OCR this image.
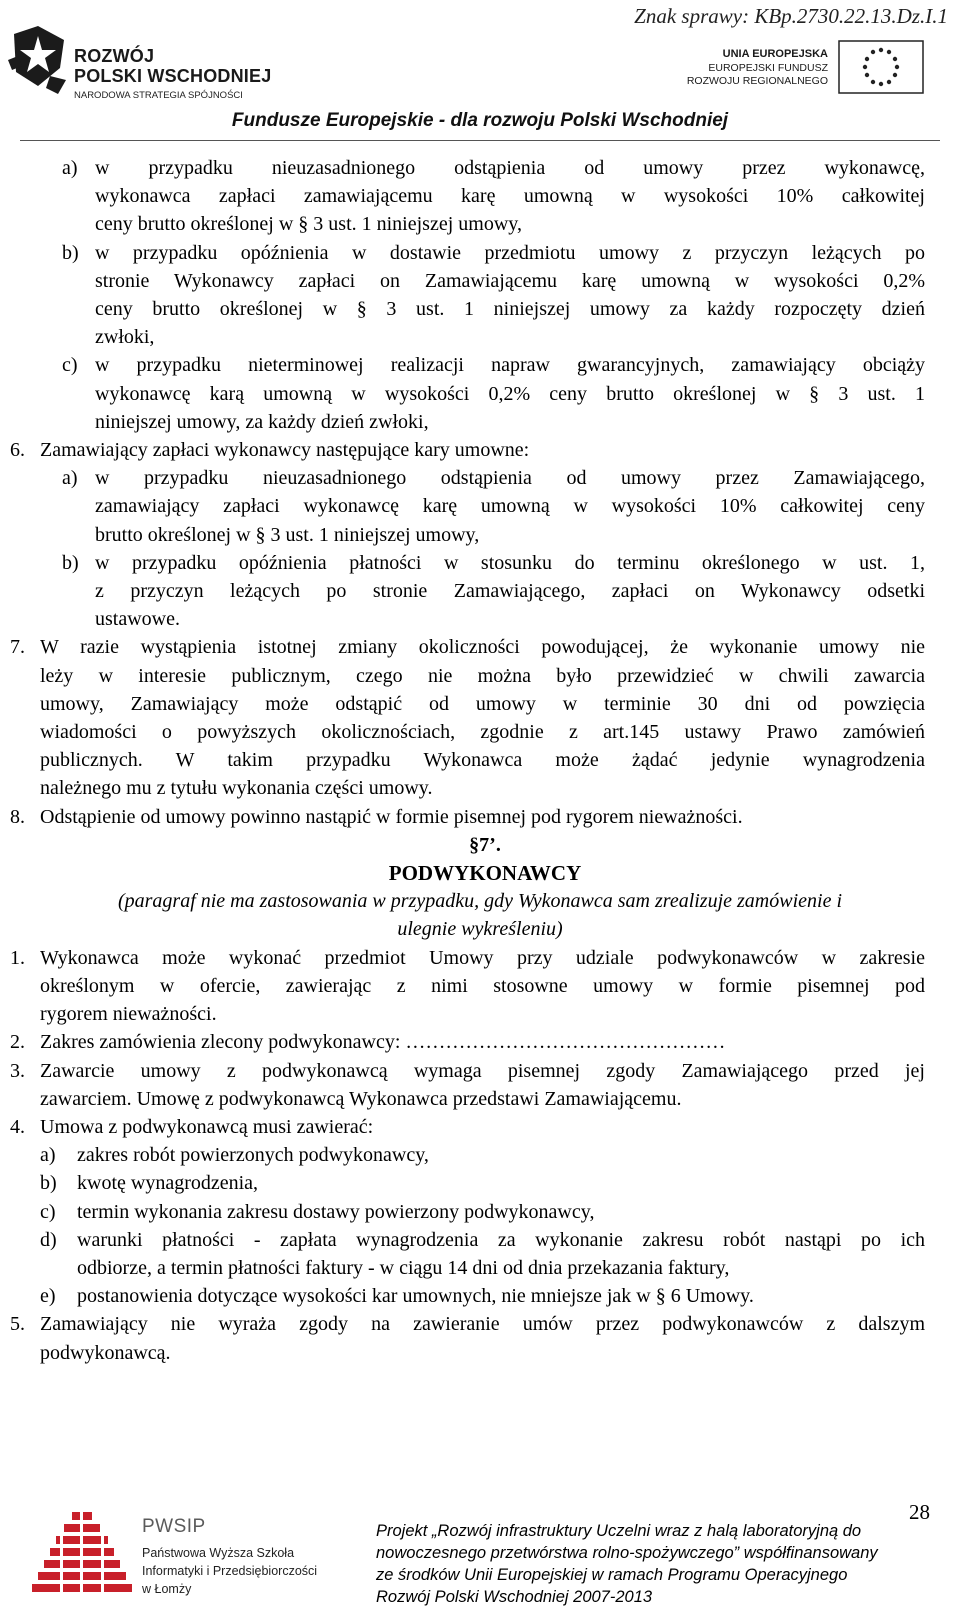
Znak sprawy: KBp.2730.22.13.Dz.I.1
ROZWÓJ
POLSKI WSCHODNIEJ
NARODOWA STRATEGIA SPÓJNOŚCI
UNIA EUROPEJSKA
EUROPEJSKI FUNDUSZ
ROZWOJU REGIONALNEGO
Fundusze Europejskie - dla rozwoju Polski Wschodniej
a) w przypadku nieuzasadnionego odstąpienia od umowy przez wykonawcę,
wykonawca zapłaci zamawiającemu karę umowną w wysokości 10% całkowitej
ceny brutto określonej w § 3 ust. 1 niniejszej umowy,
b) w przypadku opóźnienia w dostawie przedmiotu umowy z przyczyn leżących po
stronie Wykonawcy zapłaci on Zamawiającemu karę umowną w wysokości 0,2%
ceny brutto określonej w § 3 ust. 1 niniejszej umowy za każdy rozpoczęty dzień
zwłoki,
c) w przypadku nieterminowej realizacji napraw gwarancyjnych, zamawiający obciąży
wykonawcę karą umowną w wysokości 0,2% ceny brutto określonej w § 3 ust. 1
niniejszej umowy, za każdy dzień zwłoki,
6. Zamawiający zapłaci wykonawcy następujące kary umowne:
a) w przypadku nieuzasadnionego odstąpienia od umowy przez Zamawiającego,
zamawiający zapłaci wykonawcę karę umowną w wysokości 10% całkowitej ceny
brutto określonej w § 3 ust. 1 niniejszej umowy,
b) w przypadku opóźnienia płatności w stosunku do terminu określonego w ust. 1,
z przyczyn leżących po stronie Zamawiającego, zapłaci on Wykonawcy odsetki
ustawowe.
7. W razie wystąpienia istotnej zmiany okoliczności powodującej, że wykonanie umowy nie
leży w interesie publicznym, czego nie można było przewidzieć w chwili zawarcia
umowy, Zamawiający może odstąpić od umowy w terminie 30 dni od powzięcia
wiadomości o powyższych okolicznościach, zgodnie z art.145 ustawy Prawo zamówień
publicznych. W takim przypadku Wykonawca może żądać jedynie wynagrodzenia
należnego mu z tytułu wykonania części umowy.
8. Odstąpienie od umowy powinno nastąpić w formie pisemnej pod rygorem nieważności.
§7’.
PODWYKONAWCY
(paragraf nie ma zastosowania w przypadku, gdy Wykonawca sam zrealizuje zamówienie i
ulegnie wykreśleniu)
1. Wykonawca może wykonać przedmiot Umowy przy udziale podwykonawców w zakresie
określonym w ofercie, zawierając z nimi stosowne umowy w formie pisemnej pod
rygorem nieważności.
2. Zakres zamówienia zlecony podwykonawcy: …………………………………………
3. Zawarcie umowy z podwykonawcą wymaga pisemnej zgody Zamawiającego przed jej
zawarciem. Umowę z podwykonawcą Wykonawca przedstawi Zamawiającemu.
4. Umowa z podwykonawcą musi zawierać:
a) zakres robót powierzonych podwykonawcy,
b) kwotę wynagrodzenia,
c) termin wykonania zakresu dostawy powierzony podwykonawcy,
d) warunki płatności - zapłata wynagrodzenia za wykonanie zakresu robót nastąpi po ich
odbiorze, a termin płatności faktury - w ciągu 14 dni od dnia przekazania faktury,
e) postanowienia dotyczące wysokości kar umownych, nie mniejsze jak w § 6 Umowy.
5. Zamawiający nie wyraża zgody na zawieranie umów przez podwykonawców z dalszym
podwykonawcą.
PWSIP
Państwowa Wyższa Szkoła
Informatyki i Przedsiębiorczości
w Łomży
28
Projekt „Rozwój infrastruktury Uczelni wraz z halą laboratoryjną do
nowoczesnego przetwórstwa rolno-spożywczego” współfinansowany
ze środków Unii Europejskiej w ramach Programu Operacyjnego
Rozwój Polski Wschodniej 2007-2013
